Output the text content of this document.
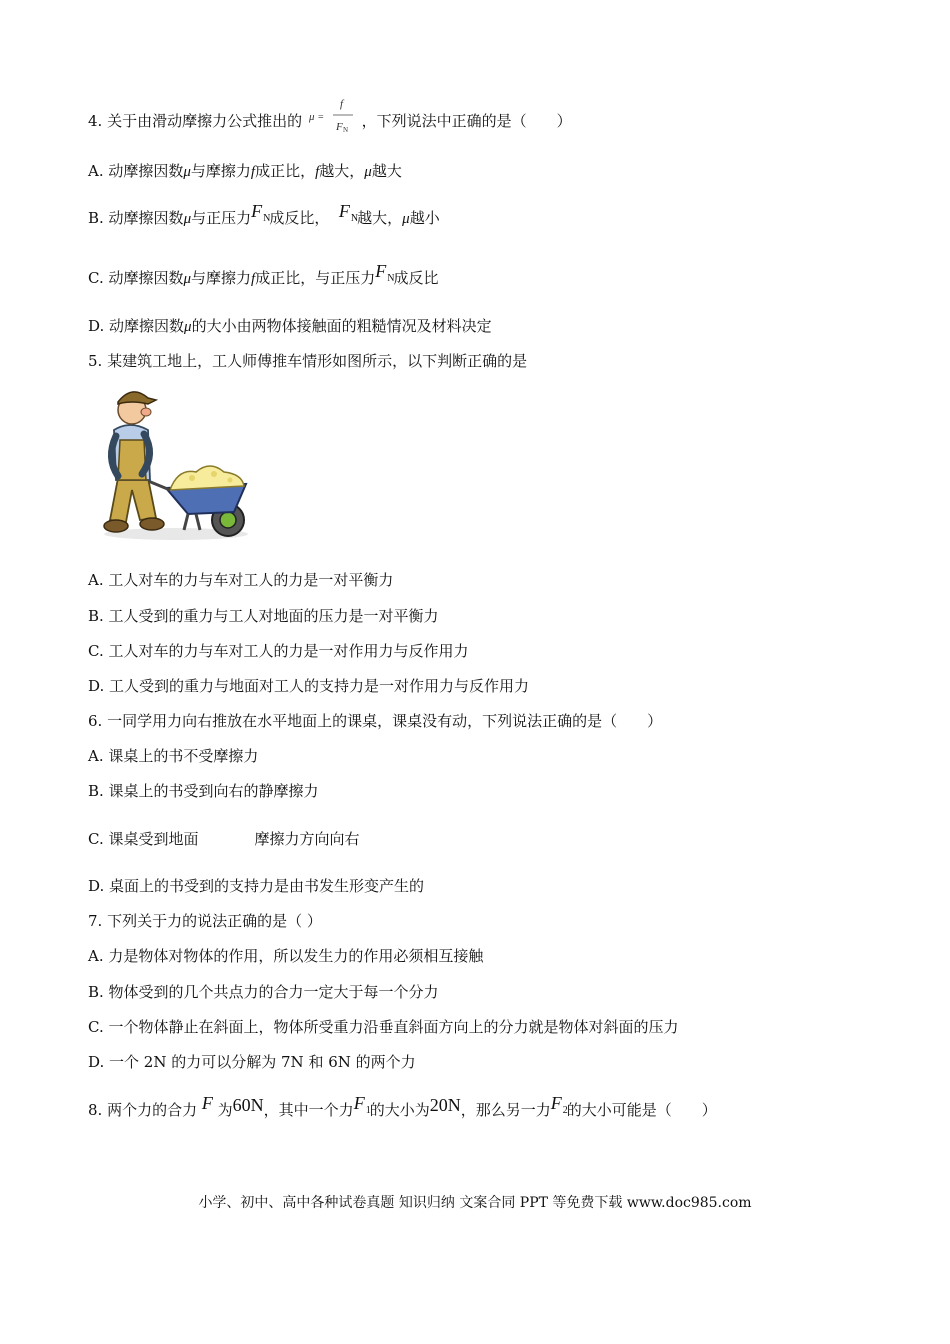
4. 关于由滑动摩擦力公式推出的 μ =
f
F N ，下列说法中正确的是（　　）
A. 动摩擦因数μ与摩擦力f成正比，f越大，μ越大
B. 动摩擦因数μ与正压力$F_N$成反比， $F_N$越大，μ越小
C. 动摩擦因数μ与摩擦力f成正比，与正压力$F_N$成反比
D. 动摩擦因数μ的大小由两物体接触面的粗糙情况及材料决定
5. 某建筑工地上，工人师傅推车情形如图所示，以下判断正确的是
A. 工人对车的力与车对工人的力是一对平衡力
B. 工人受到的重力与工人对地面的压力是一对平衡力
C. 工人对车的力与车对工人的力是一对作用力与反作用力
D. 工人受到的重力与地面对工人的支持力是一对作用力与反作用力
6. 一同学用力向右推放在水平地面上的课桌，课桌没有动，下列说法正确的是（　　）
A. 课桌上的书不受摩擦力
B. 课桌上的书受到向右的静摩擦力
C. 课桌受到地面	摩擦力方向向右
D. 桌面上的书受到的支持力是由书发生形变产生的
7. 下列关于力的说法正确的是（ ）
A. 力是物体对物体的作用，所以发生力的作用必须相互接触
B. 物体受到的几个共点力的合力一定大于每一个分力
C. 一个物体静止在斜面上，物体所受重力沿垂直斜面方向上的分力就是物体对斜面的压力
D. 一个 2N 的力可以分解为 7N 和 6N 的两个力
8. 两个力的合力 F 为60N，其中一个力$F_1$的大小为20N，那么另一力$F_2$的大小可能是（　　）
小学、初中、高中各种试卷真题 知识归纳 文案合同 PPT 等免费下载 www.doc985.com
